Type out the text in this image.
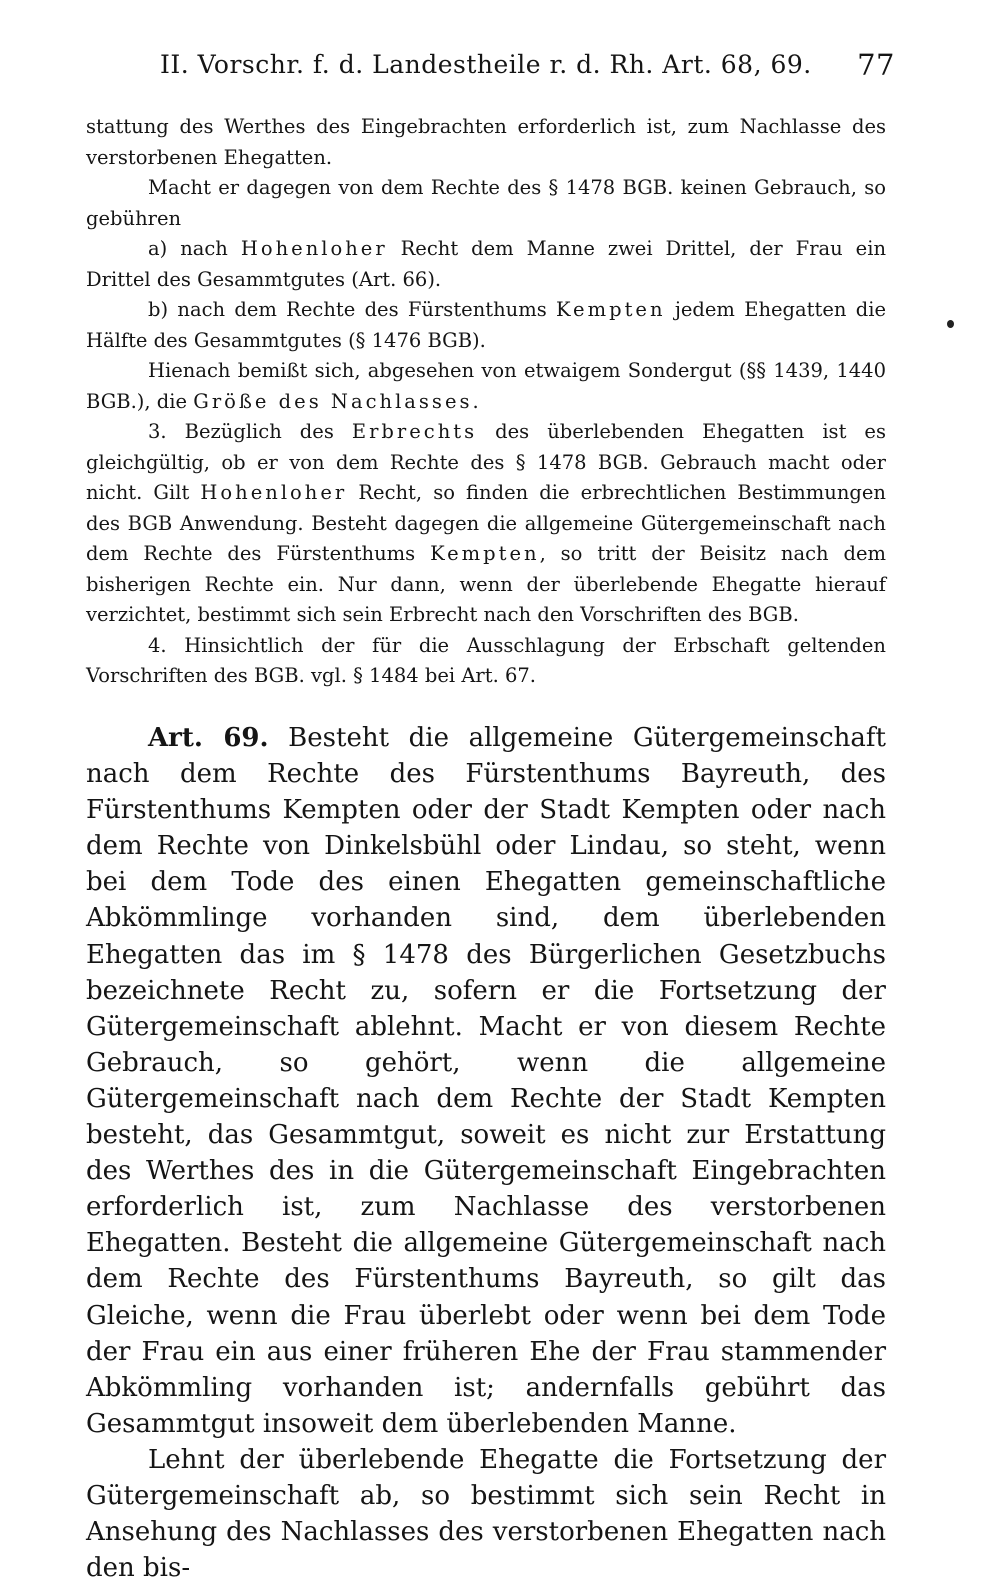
II. Vorschr. f. d. Landestheile r. d. Rh. Art. 68, 69. 77

stattung des Werthes des Eingebrachten erforderlich ist, zum Nachlasse des verstorbenen Ehegatten.

Macht er dagegen von dem Rechte des § 1478 BGB. keinen Gebrauch, so gebühren

a) nach Hohenloher Recht dem Manne zwei Drittel, der Frau ein Drittel des Gesammtgutes (Art. 66).

b) nach dem Rechte des Fürstenthums Kempten jedem Ehegatten die Hälfte des Gesammtgutes (§ 1476 BGB).

Hienach bemißt sich, abgesehen von etwaigem Sondergut (§§ 1439, 1440 BGB.), die Größe des Nachlasses.

3. Bezüglich des Erbrechts des überlebenden Ehegatten ist es gleichgültig, ob er von dem Rechte des § 1478 BGB. Gebrauch macht oder nicht. Gilt Hohenloher Recht, so finden die erbrechtlichen Bestimmungen des BGB Anwendung. Besteht dagegen die allgemeine Gütergemeinschaft nach dem Rechte des Fürstenthums Kempten, so tritt der Beisitz nach dem bisherigen Rechte ein. Nur dann, wenn der überlebende Ehegatte hierauf verzichtet, bestimmt sich sein Erbrecht nach den Vorschriften des BGB.

4. Hinsichtlich der für die Ausschlagung der Erbschaft geltenden Vorschriften des BGB. vgl. § 1484 bei Art. 67.

Art. 69. Besteht die allgemeine Gütergemeinschaft nach dem Rechte des Fürstenthums Bayreuth, des Fürstenthums Kempten oder der Stadt Kempten oder nach dem Rechte von Dinkelsbühl oder Lindau, so steht, wenn bei dem Tode des einen Ehegatten gemeinschaftliche Abkömmlinge vorhanden sind, dem überlebenden Ehegatten das im § 1478 des Bürgerlichen Gesetzbuchs bezeichnete Recht zu, sofern er die Fortsetzung der Gütergemeinschaft ablehnt. Macht er von diesem Rechte Gebrauch, so gehört, wenn die allgemeine Gütergemeinschaft nach dem Rechte der Stadt Kempten besteht, das Gesammtgut, soweit es nicht zur Erstattung des Werthes des in die Gütergemeinschaft Eingebrachten erforderlich ist, zum Nachlasse des verstorbenen Ehegatten. Besteht die allgemeine Gütergemeinschaft nach dem Rechte des Fürstenthums Bayreuth, so gilt das Gleiche, wenn die Frau überlebt oder wenn bei dem Tode der Frau ein aus einer früheren Ehe der Frau stammender Abkömmling vorhanden ist; andernfalls gebührt das Gesammtgut insoweit dem überlebenden Manne.

Lehnt der überlebende Ehegatte die Fortsetzung der Gütergemeinschaft ab, so bestimmt sich sein Recht in Ansehung des Nachlasses des verstorbenen Ehegatten nach den bis-
